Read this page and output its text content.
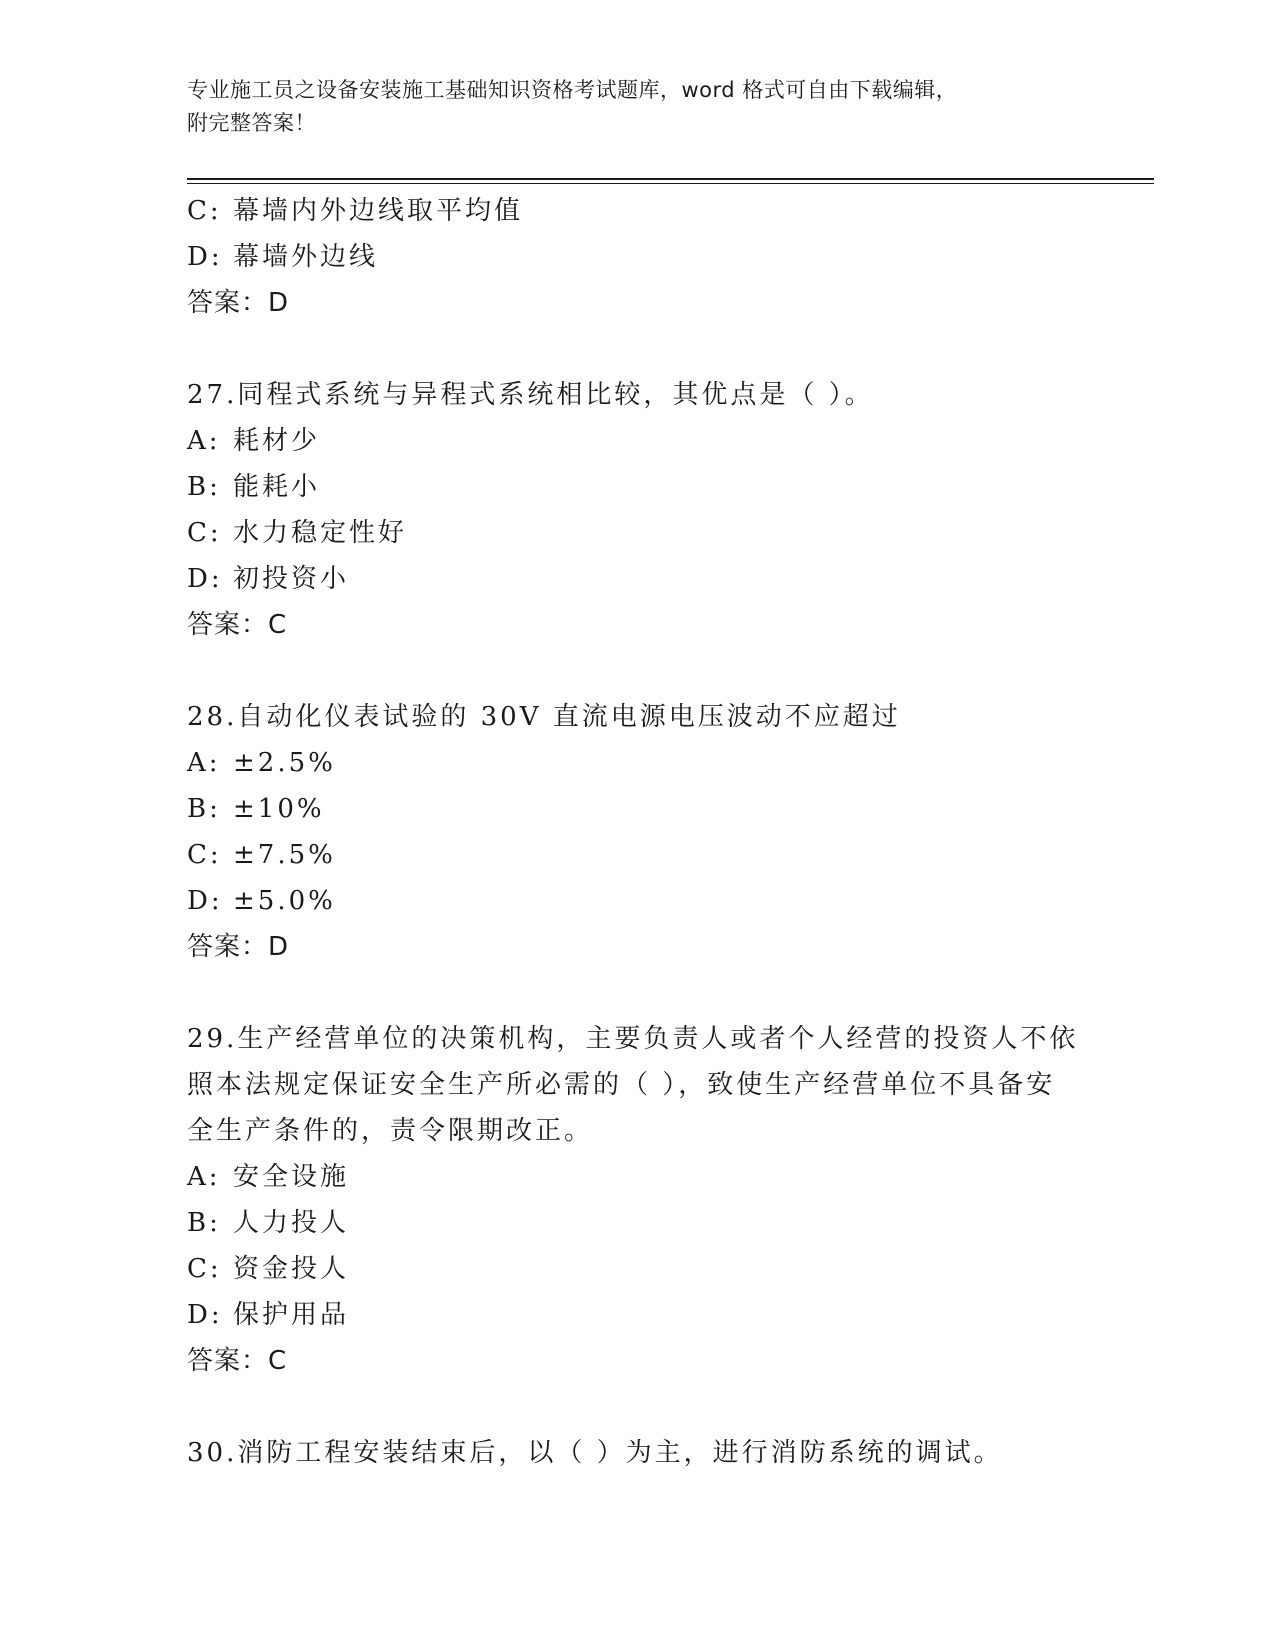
专业施工员之设备安装施工基础知识资格考试题库，word 格式可自由下载编辑，
附完整答案！
C: 幕墙内外边线取平均值
D: 幕墙外边线
答案：D
27.同程式系统与异程式系统相比较，其优点是（ ）。
A: 耗材少
B: 能耗小
C: 水力稳定性好
D: 初投资小
答案：C
28.自动化仪表试验的 30V 直流电源电压波动不应超过
A: ±2.5%
B: ±10%
C: ±7.5%
D: ±5.0%
答案：D
29.生产经营单位的决策机构，主要负责人或者个人经营的投资人不依
照本法规定保证安全生产所必需的（ ），致使生产经营单位不具备安
全生产条件的，责令限期改正。
A: 安全设施
B: 人力投人
C: 资金投人
D: 保护用品
答案：C
30.消防工程安装结束后，以（ ）为主，进行消防系统的调试。
